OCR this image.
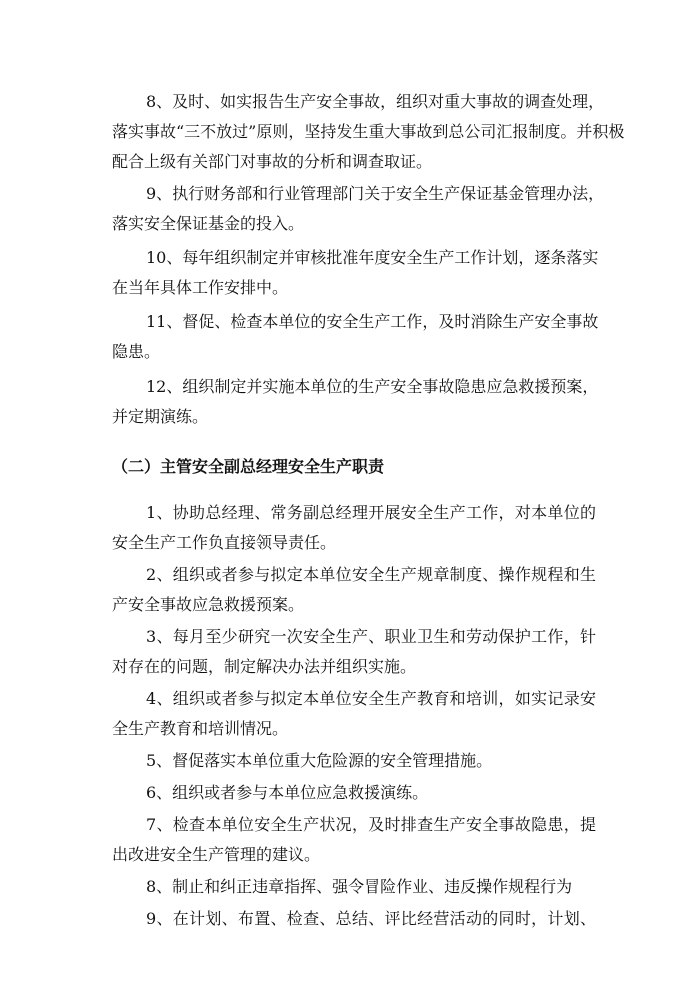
8、及时、如实报告生产安全事故，组织对重大事故的调查处理，
落实事故“三不放过”原则，坚持发生重大事故到总公司汇报制度。并积极
配合上级有关部门对事故的分析和调查取证。
9、执行财务部和行业管理部门关于安全生产保证基金管理办法，
落实安全保证基金的投入。
10、每年组织制定并审核批准年度安全生产工作计划，逐条落实
在当年具体工作安排中。
11、督促、检查本单位的安全生产工作，及时消除生产安全事故
隐患。
12、组织制定并实施本单位的生产安全事故隐患应急救援预案，
并定期演练。
（二）主管安全副总经理安全生产职责
1、协助总经理、常务副总经理开展安全生产工作，对本单位的
安全生产工作负直接领导责任。
2、组织或者参与拟定本单位安全生产规章制度、操作规程和生
产安全事故应急救援预案。
3、每月至少研究一次安全生产、职业卫生和劳动保护工作，针
对存在的问题，制定解决办法并组织实施。
4、组织或者参与拟定本单位安全生产教育和培训，如实记录安
全生产教育和培训情况。
5、督促落实本单位重大危险源的安全管理措施。
6、组织或者参与本单位应急救援演练。
7、检查本单位安全生产状况，及时排查生产安全事故隐患，提
出改进安全生产管理的建议。
8、制止和纠正违章指挥、强令冒险作业、违反操作规程行为
9、在计划、布置、检查、总结、评比经营活动的同时，计划、
